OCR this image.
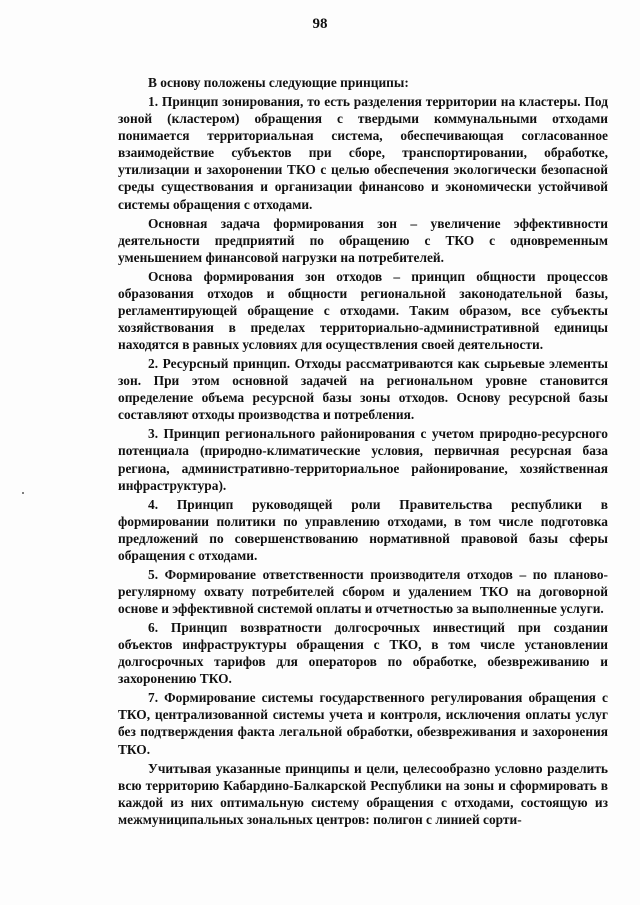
98

В основу положены следующие принципы:

1. Принцип зонирования, то есть разделения территории на кластеры. Под зоной (кластером) обращения с твердыми коммунальными отходами понимается территориальная система, обеспечивающая согласованное взаимодействие субъектов при сборе, транспортировании, обработке, утилизации и захоронении ТКО с целью обеспечения экологически безопасной среды существования и организации финансово и экономически устойчивой системы обращения с отходами.

Основная задача формирования зон – увеличение эффективности деятельности предприятий по обращению с ТКО с одновременным уменьшением финансовой нагрузки на потребителей.

Основа формирования зон отходов – принцип общности процессов образования отходов и общности региональной законодательной базы, регламентирующей обращение с отходами. Таким образом, все субъекты хозяйствования в пределах территориально-административной единицы находятся в равных условиях для осуществления своей деятельности.

2. Ресурсный принцип. Отходы рассматриваются как сырьевые элементы зон. При этом основной задачей на региональном уровне становится определение объема ресурсной базы зоны отходов. Основу ресурсной базы составляют отходы производства и потребления.

3. Принцип регионального районирования с учетом природно-ресурсного потенциала (природно-климатические условия, первичная ресурсная база региона, административно-территориальное районирование, хозяйственная инфраструктура).

4. Принцип руководящей роли Правительства республики в формировании политики по управлению отходами, в том числе подготовка предложений по совершенствованию нормативной правовой базы сферы обращения с отходами.

5. Формирование ответственности производителя отходов – по планово-регулярному охвату потребителей сбором и удалением ТКО на договорной основе и эффективной системой оплаты и отчетностью за выполненные услуги.

6. Принцип возвратности долгосрочных инвестиций при создании объектов инфраструктуры обращения с ТКО, в том числе установлении долгосрочных тарифов для операторов по обработке, обезвреживанию и захоронению ТКО.

7. Формирование системы государственного регулирования обращения с ТКО, централизованной системы учета и контроля, исключения оплаты услуг без подтверждения факта легальной обработки, обезвреживания и захоронения ТКО.

Учитывая указанные принципы и цели, целесообразно условно разделить всю территорию Кабардино-Балкарской Республики на зоны и сформировать в каждой из них оптимальную систему обращения с отходами, состоящую из межмуниципальных зональных центров: полигон с линией сорти-
